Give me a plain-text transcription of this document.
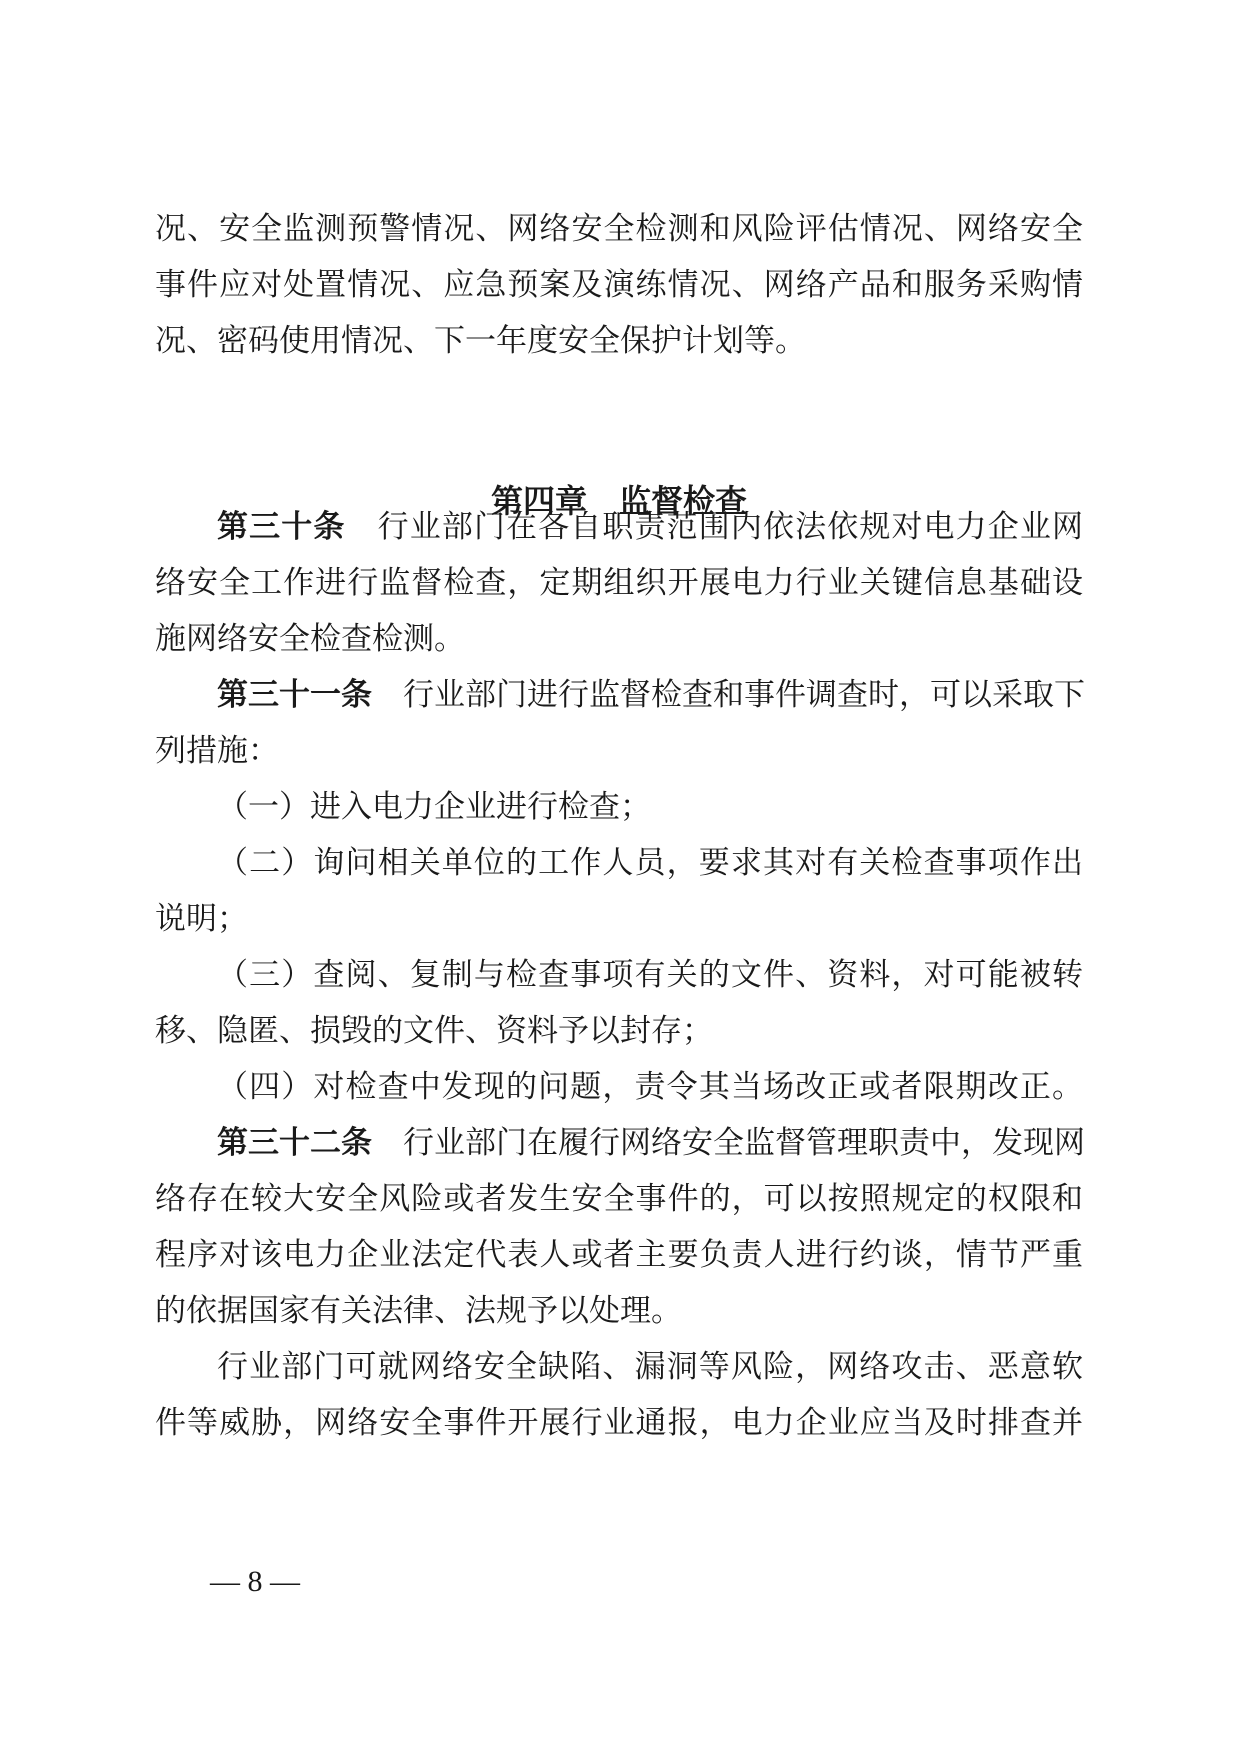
况、安全监测预警情况、网络安全检测和风险评估情况、网络安全
事件应对处置情况、应急预案及演练情况、网络产品和服务采购情
况、密码使用情况、下一年度安全保护计划等。
第四章　监督检查
第三十条　 行业部门在各自职责范围内依法依规对电力企业网
络安全工作进行监督检查，定期组织开展电力行业关键信息基础设
施网络安全检查检测。
第三十一条　 行业部门进行监督检查和事件调查时，可以采取下
列措施：
（一）进入电力企业进行检查；
（二）询问相关单位的工作人员，要求其对有关检查事项作出
说明；
（三）查阅、复制与检查事项有关的文件、资料，对可能被转
移、隐匿、损毁的文件、资料予以封存；
（四）对检查中发现的问题，责令其当场改正或者限期改正。
第三十二条　 行业部门在履行网络安全监督管理职责中，发现网
络存在较大安全风险或者发生安全事件的，可以按照规定的权限和
程序对该电力企业法定代表人或者主要负责人进行约谈，情节严重
的依据国家有关法律、法规予以处理。
行业部门可就网络安全缺陷、漏洞等风险，网络攻击、恶意软
件等威胁，网络安全事件开展行业通报，电力企业应当及时排查并
— 8 —
